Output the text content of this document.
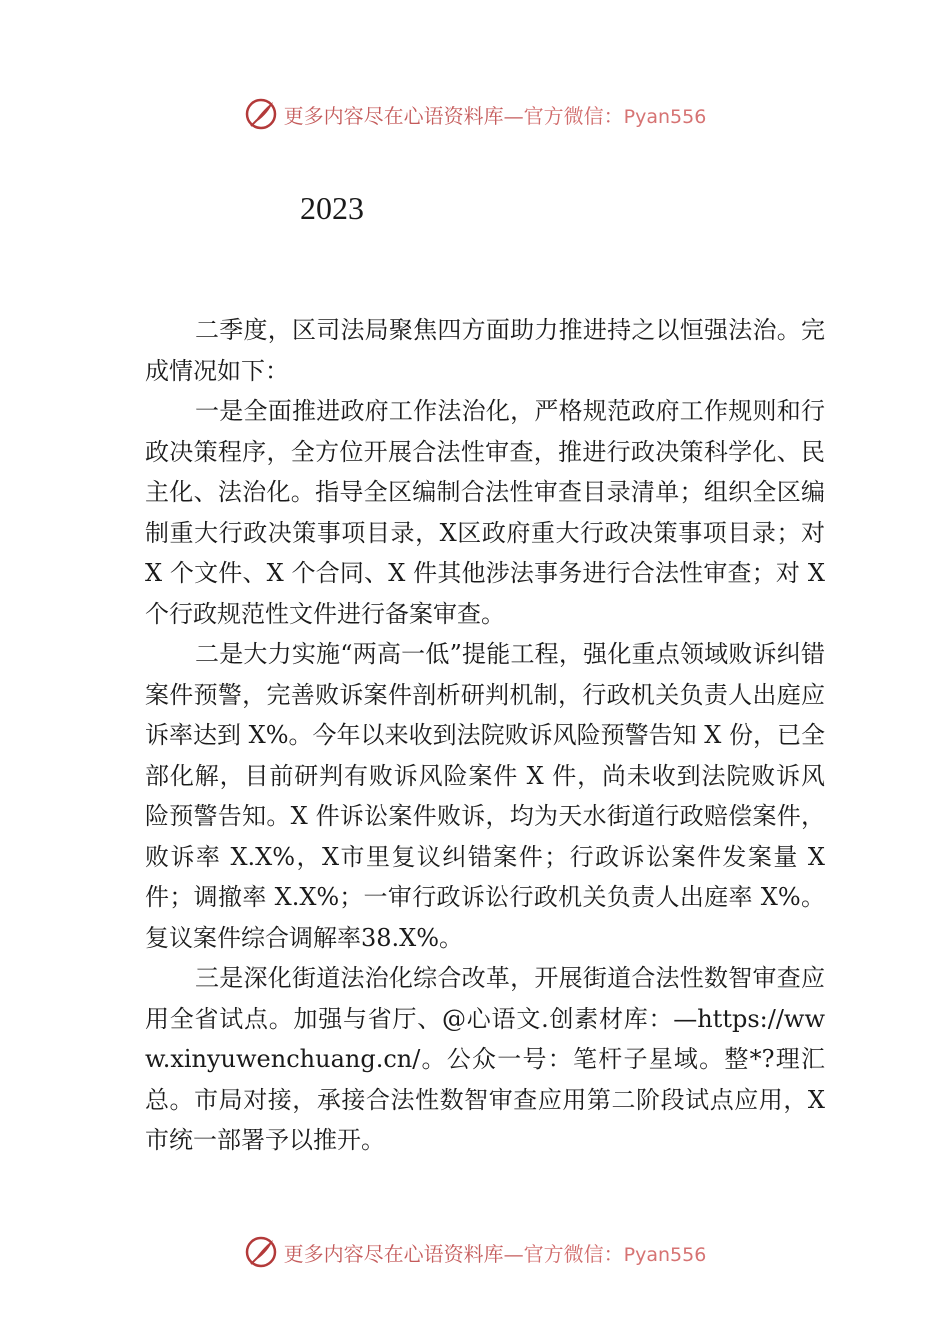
更多内容尽在心语资料库—官方微信：Pyan556
2023

二季度，区司法局聚焦四方面助力推进持之以恒强法治。完成情况如下：

一是全面推进政府工作法治化，严格规范政府工作规则和行政决策程序，全方位开展合法性审查，推进行政决策科学化、民主化、法治化。指导全区编制合法性审查目录清单；组织全区编制重大行政决策事项目录，X区政府重大行政决策事项目录；对 X 个文件、X 个合同、X 件其他涉法事务进行合法性审查；对 X 个行政规范性文件进行备案审查。

二是大力实施“两高一低”提能工程，强化重点领域败诉纠错案件预警，完善败诉案件剖析研判机制，行政机关负责人出庭应诉率达到 X%。今年以来收到法院败诉风险预警告知 X 份，已全部化解，目前研判有败诉风险案件 X 件，尚未收到法院败诉风险预警告知。X 件诉讼案件败诉，均为天水街道行政赔偿案件，败诉率 X.X%，X市里复议纠错案件；行政诉讼案件发案量 X 件；调撤率 X.X%；一审行政诉讼行政机关负责人出庭率 X%。复议案件综合调解率38.X%。

三是深化街道法治化综合改革，开展街道合法性数智审查应用全省试点。加强与省厅、@心语文.创素材库：—https://www.xinyuwenchuang.cn/。公众一号：笔杆子星域。整*?理汇总。市局对接，承接合法性数智审查应用第二阶段试点应用，X市统一部署予以推开。

更多内容尽在心语资料库—官方微信：Pyan556
